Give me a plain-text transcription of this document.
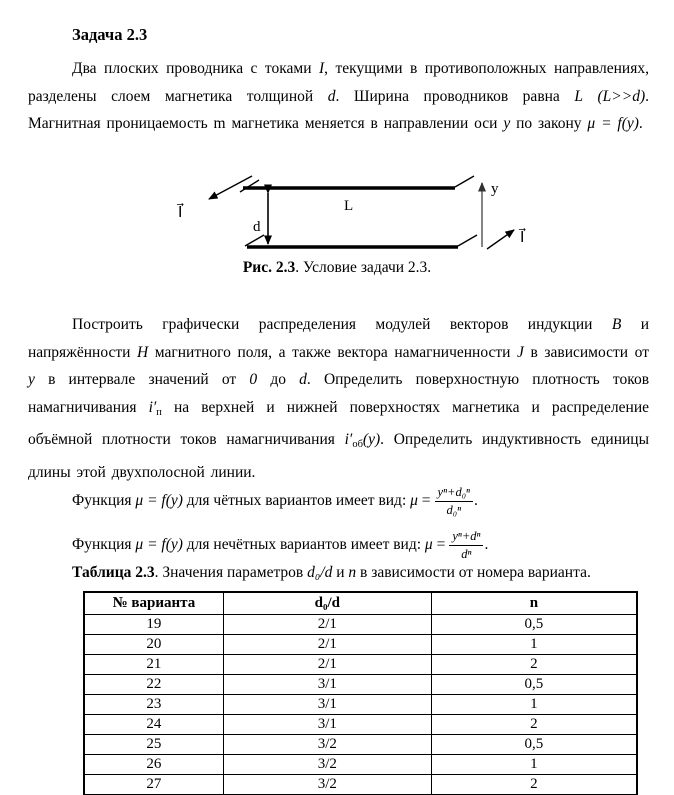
Задача 2.3
Два плоских проводника с токами I, текущими в противоположных направлениях, разделены слоем магнетика толщиной d. Ширина проводников равна L (L>>d). Магнитная проницаемость m магнетика меняется в направлении оси y по закону μ = f(y).
I⃗	L
d
y
I⃗
Рис. 2.3. Условие задачи 2.3.
Построить графически распределения модулей векторов индукции B и напряжённости H магнитного поля, а также вектора намагниченности J в зависимости от y в интервале значений от 0 до d. Определить поверхностную плотность токов намагничивания i′п на верхней и нижней поверхностях магнетика и распределение объёмной плотности токов намагничивания i′об(y). Определить индуктивность единицы длины этой двухполосной линии.
Функция μ = f(y) для чётных вариантов имеет вид: $\mu = \frac{\text{yⁿ+d₀ⁿ}}{\text{d₀ⁿ}}$ .
Функция μ = f(y) для нечётных вариантов имеет вид: $\mu = \frac{\text{yⁿ+dⁿ}}{\text{dⁿ}}$ .
Таблица 2.3. Значения параметров d₀/d и n в зависимости от номера варианта.
№ варианта	d₀/d	n
19	2/1	0,5
20	2/1	1
21	2/1	2
22	3/1	0,5
23	3/1	1
24	3/1	2
25	3/2	0,5
26	3/2	1
27	3/2	2
